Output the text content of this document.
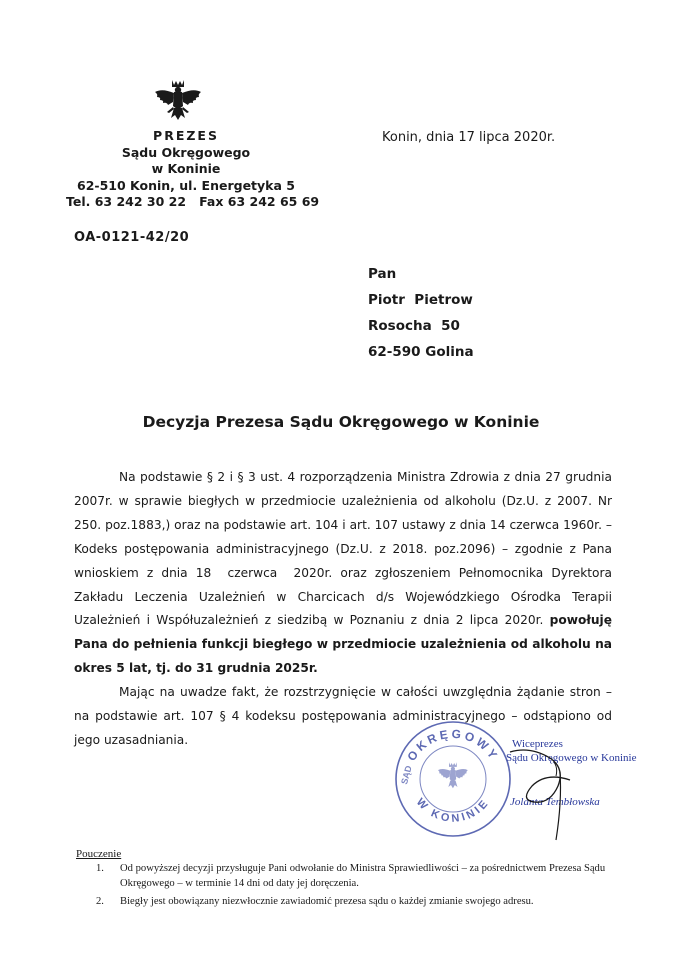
PREZES
Sądu Okręgowego
w Koninie
62-510 Konin, ul. Energetyka 5
Tel. 63 242 30 22   Fax 63 242 65 69
Konin, dnia 17 lipca 2020r.
OA-0121-42/20
Pan
Piotr  Pietrow
Rosocha  50
62-590 Golina
Decyzja Prezesa Sądu Okręgowego w Koninie

Na podstawie § 2 i § 3 ust. 4 rozporządzenia Ministra Zdrowia z dnia 27 grudnia 2007r. w sprawie biegłych w przedmiocie uzależnienia od alkoholu (Dz.U. z 2007. Nr 250. poz.1883,) oraz na podstawie art. 104 i art. 107 ustawy z dnia 14 czerwca 1960r. – Kodeks postępowania administracyjnego (Dz.U. z 2018. poz.2096) – zgodnie z Pana wnioskiem z dnia 18  czerwca  2020r. oraz zgłoszeniem Pełnomocnika Dyrektora Zakładu Leczenia Uzależnień w Charcicach d/s Wojewódzkiego Ośrodka Terapii Uzależnień i Współuzależnień z siedzibą w Poznaniu z dnia 2 lipca 2020r. powołuję Pana do pełnienia funkcji biegłego w przedmiocie uzależnienia od alkoholu na okres 5 lat, tj. do 31 grudnia 2025r.

Mając na uwadze fakt, że rozstrzygnięcie w całości uwzględnia żądanie stron – na podstawie art. 107 § 4 kodeksu postępowania administracyjnego – odstąpiono od jego uzasadniania.

OKRĘGOWY
W KONINIE
SĄD
Wiceprezes
Sądu Okręgowego w Koninie
Jolanta Tembłowska
Pouczenie
1. Od powyższej decyzji przysługuje Pani odwołanie do Ministra Sprawiedliwości – za pośrednictwem Prezesa Sądu Okręgowego – w terminie 14 dni od daty jej doręczenia.
2. Biegły jest obowiązany niezwłocznie zawiadomić prezesa sądu o każdej zmianie swojego adresu.
